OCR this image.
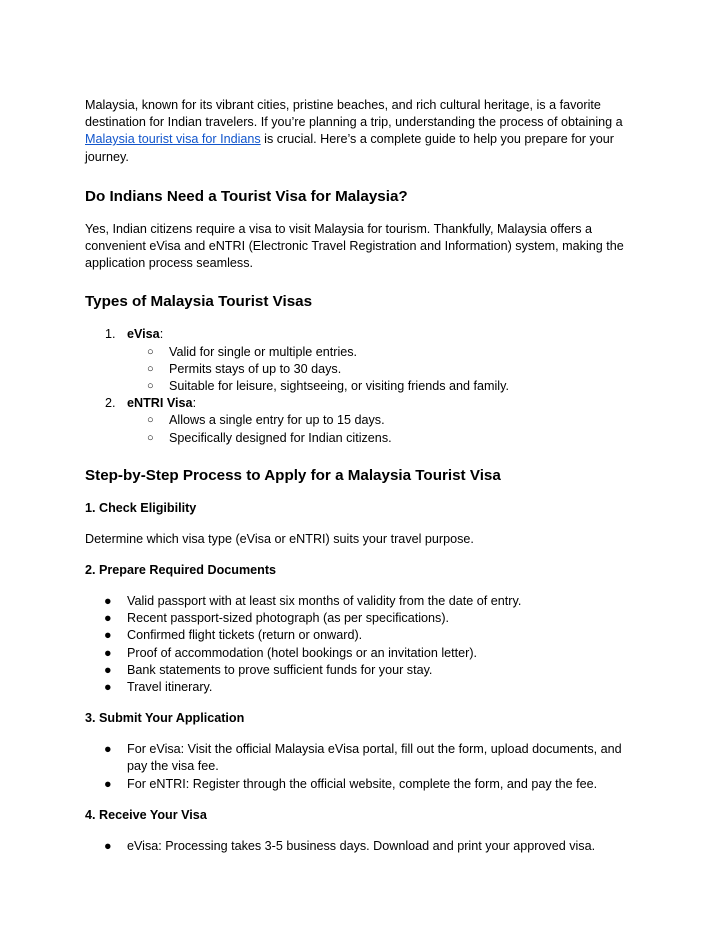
Malaysia, known for its vibrant cities, pristine beaches, and rich cultural heritage, is a favorite destination for Indian travelers. If you’re planning a trip, understanding the process of obtaining a Malaysia tourist visa for Indians is crucial. Here’s a complete guide to help you prepare for your journey.

Do Indians Need a Tourist Visa for Malaysia?

Yes, Indian citizens require a visa to visit Malaysia for tourism. Thankfully, Malaysia offers a convenient eVisa and eNTRI (Electronic Travel Registration and Information) system, making the application process seamless.

Types of Malaysia Tourist Visas
1. eVisa:
○ Valid for single or multiple entries.
○ Permits stays of up to 30 days.
○ Suitable for leisure, sightseeing, or visiting friends and family.
2. eNTRI Visa:
○ Allows a single entry for up to 15 days.
○ Specifically designed for Indian citizens.
Step-by-Step Process to Apply for a Malaysia Tourist Visa
1. Check Eligibility

Determine which visa type (eVisa or eNTRI) suits your travel purpose.

2. Prepare Required Documents
● Valid passport with at least six months of validity from the date of entry.
● Recent passport-sized photograph (as per specifications).
● Confirmed flight tickets (return or onward).
● Proof of accommodation (hotel bookings or an invitation letter).
● Bank statements to prove sufficient funds for your stay.
● Travel itinerary.
3. Submit Your Application
● For eVisa: Visit the official Malaysia eVisa portal, fill out the form, upload documents, and pay the visa fee.
● For eNTRI: Register through the official website, complete the form, and pay the fee.
4. Receive Your Visa
● eVisa: Processing takes 3-5 business days. Download and print your approved visa.
